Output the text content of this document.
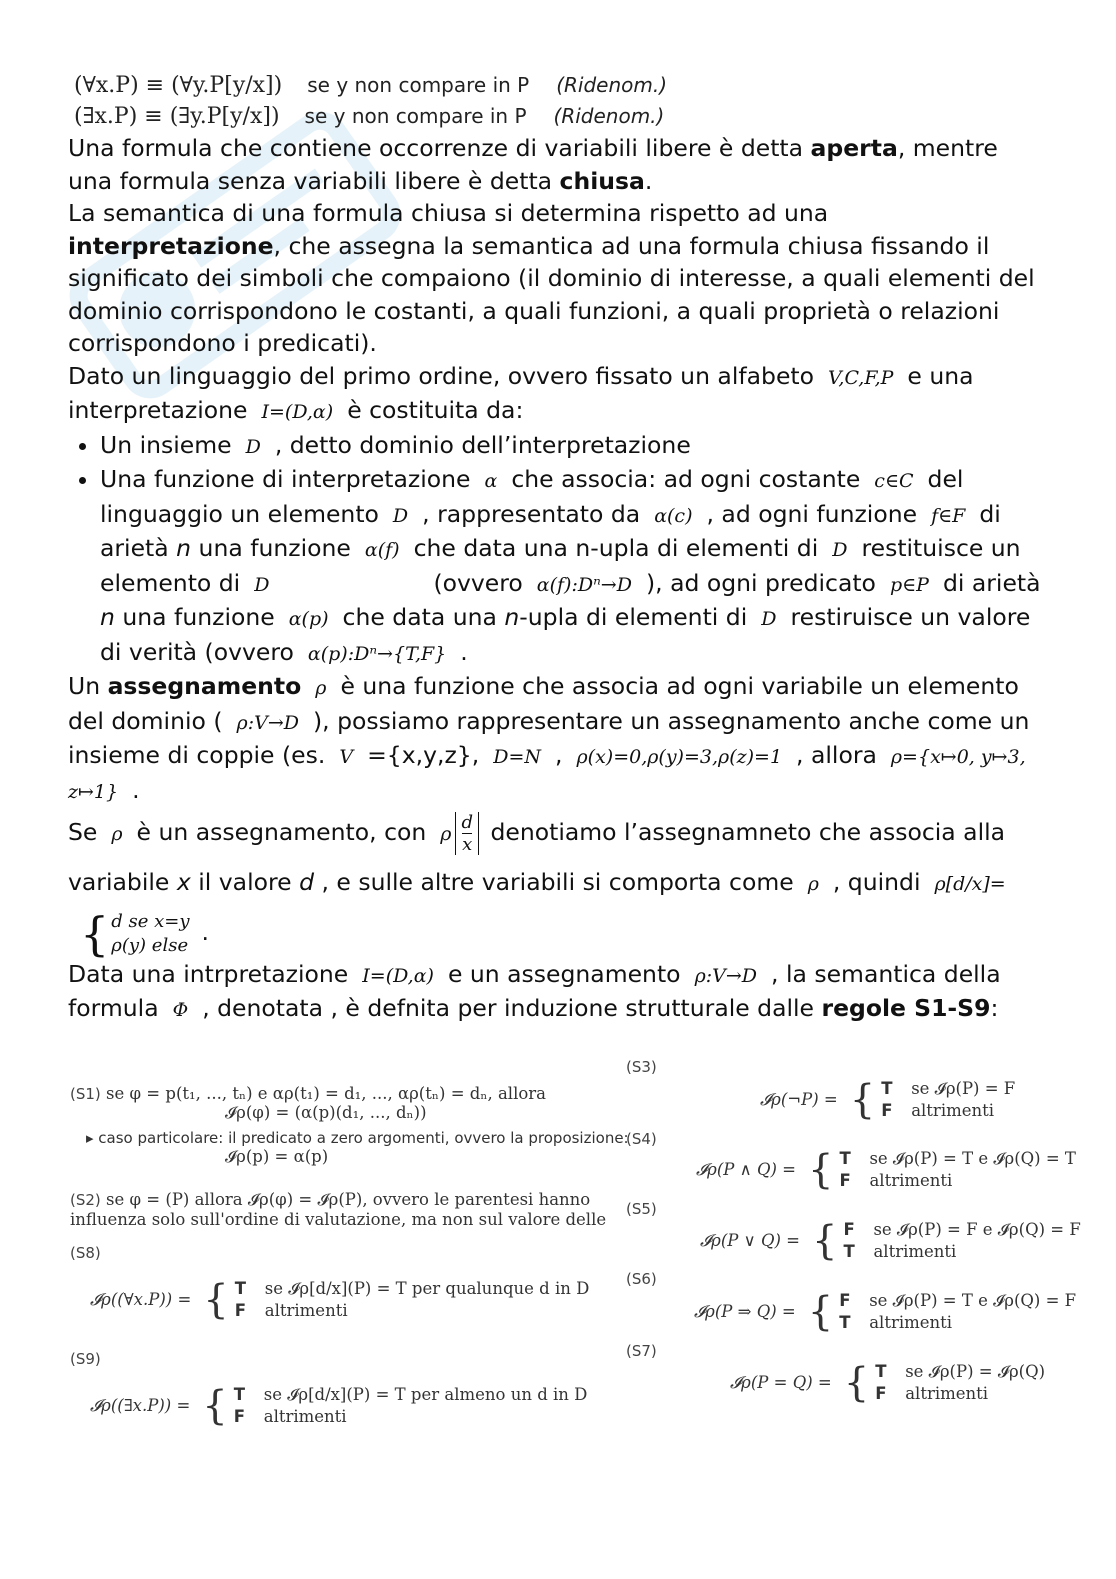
(∀x.P) ≡ (∀y.P[y/x]) se y non compare in P (Ridenom.)
(∃x.P) ≡ (∃y.P[y/x]) se y non compare in P (Ridenom.)

Una formula che contiene occorrenze di variabili libere è detta aperta, mentre una formula senza variabili libere è detta chiusa.

La semantica di una formula chiusa si determina rispetto ad una interpretazione, che assegna la semantica ad una formula chiusa fissando il significato dei simboli che compaiono (il dominio di interesse, a quali elementi del dominio corrispondono le costanti, a quali funzioni, a quali proprietà o relazioni corrispondono i predicati).

Dato un linguaggio del primo ordine, ovvero fissato un alfabeto V,C,F,P e una interpretazione I=(D,α) è costituita da:

• Un insieme D , detto dominio dell’interpretazione
• Una funzione di interpretazione α che associa: ad ogni costante c∈C del linguaggio un elemento D , rappresentato da α(c) , ad ogni funzione f∈F di arietà n una funzione α(f) che data una n-upla di elementi di D restituisce un elemento di D	(ovvero α(f):Dⁿ→D ), ad ogni predicato p∈P di arietà n una funzione α(p) che data una n-upla di elementi di D restiruisce un valore di verità (ovvero α(p):Dⁿ→{T,F} .

Un assegnamento ρ è una funzione che associa ad ogni variabile un elemento del dominio ( ρ:V→D ), possiamo rappresentare un assegnamento anche come un insieme di coppie (es. V ={x,y,z}, D=N , ρ(x)=0,ρ(y)=3,ρ(z)=1 , allora ρ={x↦0, y↦3, z↦1} .

Se ρ è un assegnamento, con ρ $\frac{d}{x}$ denotiamo l’assegnamneto che associa alla variabile x il valore d , e sulle altre variabili si comporta come ρ , quindi ρ[d/x]=
{ d se x=y
ρ(y) else .

Data una intrpretazione I=(D,α) e un assegnamento ρ:V→D , la semantica della formula Φ , denotata , è defnita per induzione strutturale dalle regole S1-S9:

(S1) se φ = p(t₁, ..., tₙ) e αρ(t₁) = d₁, ..., αρ(tₙ) = dₙ, allora
𝓘ρ(φ) = (α(p)(d₁, ..., dₙ))
▸ caso particolare: il predicato a zero argomenti, ovvero la proposizione:
𝓘ρ(p) = α(p)
(S2) se φ = (P) allora 𝓘ρ(φ) = 𝓘ρ(P), ovvero le parentesi hanno
influenza solo sull'ordine di valutazione, ma non sul valore delle
(S8)
𝓘ρ((∀x.P)) = { T se 𝓘ρ[d/x](P) = T per qualunque d in D
F altrimenti
(S9)
𝓘ρ((∃x.P)) = { T se 𝓘ρ[d/x](P) = T per almeno un d in D
F altrimenti
(S3)
𝓘ρ(¬P) = { T se 𝓘ρ(P) = F
F altrimenti
(S4)
𝓘ρ(P ∧ Q) = { T se 𝓘ρ(P) = T e 𝓘ρ(Q) = T
F altrimenti
(S5)
𝓘ρ(P ∨ Q) = { F se 𝓘ρ(P) = F e 𝓘ρ(Q) = F
T altrimenti
(S6)
𝓘ρ(P ⇒ Q) = { F se 𝓘ρ(P) = T e 𝓘ρ(Q) = F
T altrimenti
(S7)
𝓘ρ(P = Q) = { T se 𝓘ρ(P) = 𝓘ρ(Q)
F altrimenti
